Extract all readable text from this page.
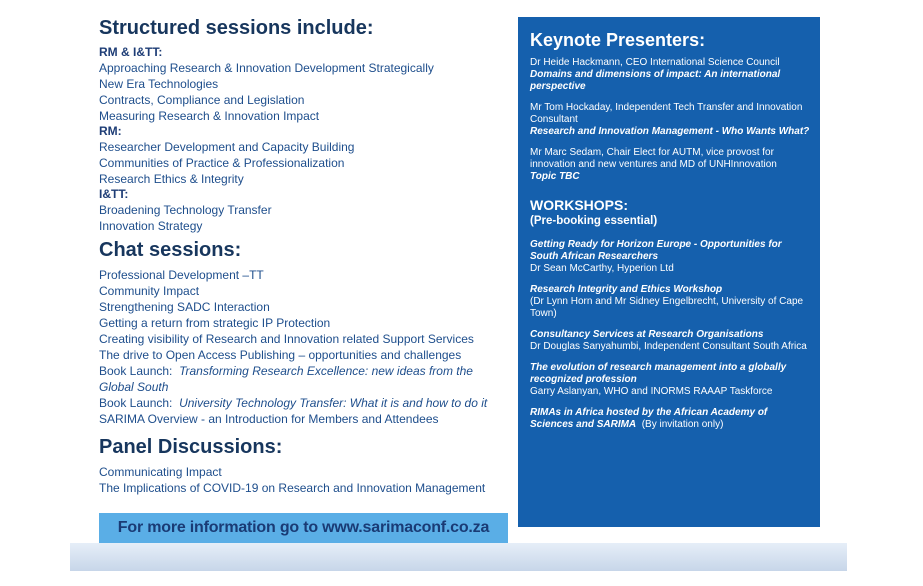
Structured sessions include:
RM & I&TT:
Approaching Research & Innovation Development Strategically
New Era Technologies
Contracts, Compliance and Legislation
Measuring Research & Innovation Impact
RM:
Researcher Development and Capacity Building
Communities of Practice & Professionalization
Research Ethics & Integrity
I&TT:
Broadening Technology Transfer
Innovation Strategy
Chat sessions:
Professional Development –TT
Community Impact
Strengthening SADC Interaction
Getting a return from strategic IP Protection
Creating visibility of Research and Innovation related Support Services
The drive to Open Access Publishing – opportunities and challenges
Book Launch: Transforming Research Excellence: new ideas from the Global South
Book Launch: University Technology Transfer: What it is and how to do it
SARIMA Overview - an Introduction for Members and Attendees
Panel Discussions:
Communicating Impact
The Implications of COVID-19 on Research and Innovation Management
For more information go to www.sarimaconf.co.za
Keynote Presenters:
Dr Heide Hackmann, CEO International Science Council
Domains and dimensions of impact: An international perspective
Mr Tom Hockaday, Independent Tech Transfer and Innovation Consultant
Research and Innovation Management - Who Wants What?
Mr Marc Sedam, Chair Elect for AUTM, vice provost for innovation and new ventures and MD of UNHInnovation
Topic TBC
WORKSHOPS:
(Pre-booking essential)
Getting Ready for Horizon Europe - Opportunities for South African Researchers
Dr Sean McCarthy, Hyperion Ltd
Research Integrity and Ethics Workshop
(Dr Lynn Horn and Mr Sidney Engelbrecht, University of Cape Town)
Consultancy Services at Research Organisations
Dr Douglas Sanyahumbi, Independent Consultant South Africa
The evolution of research management into a globally recognized profession
Garry Aslanyan, WHO and INORMS RAAAP Taskforce
RIMAs in Africa hosted by the African Academy of Sciences and SARIMA (By invitation only)
